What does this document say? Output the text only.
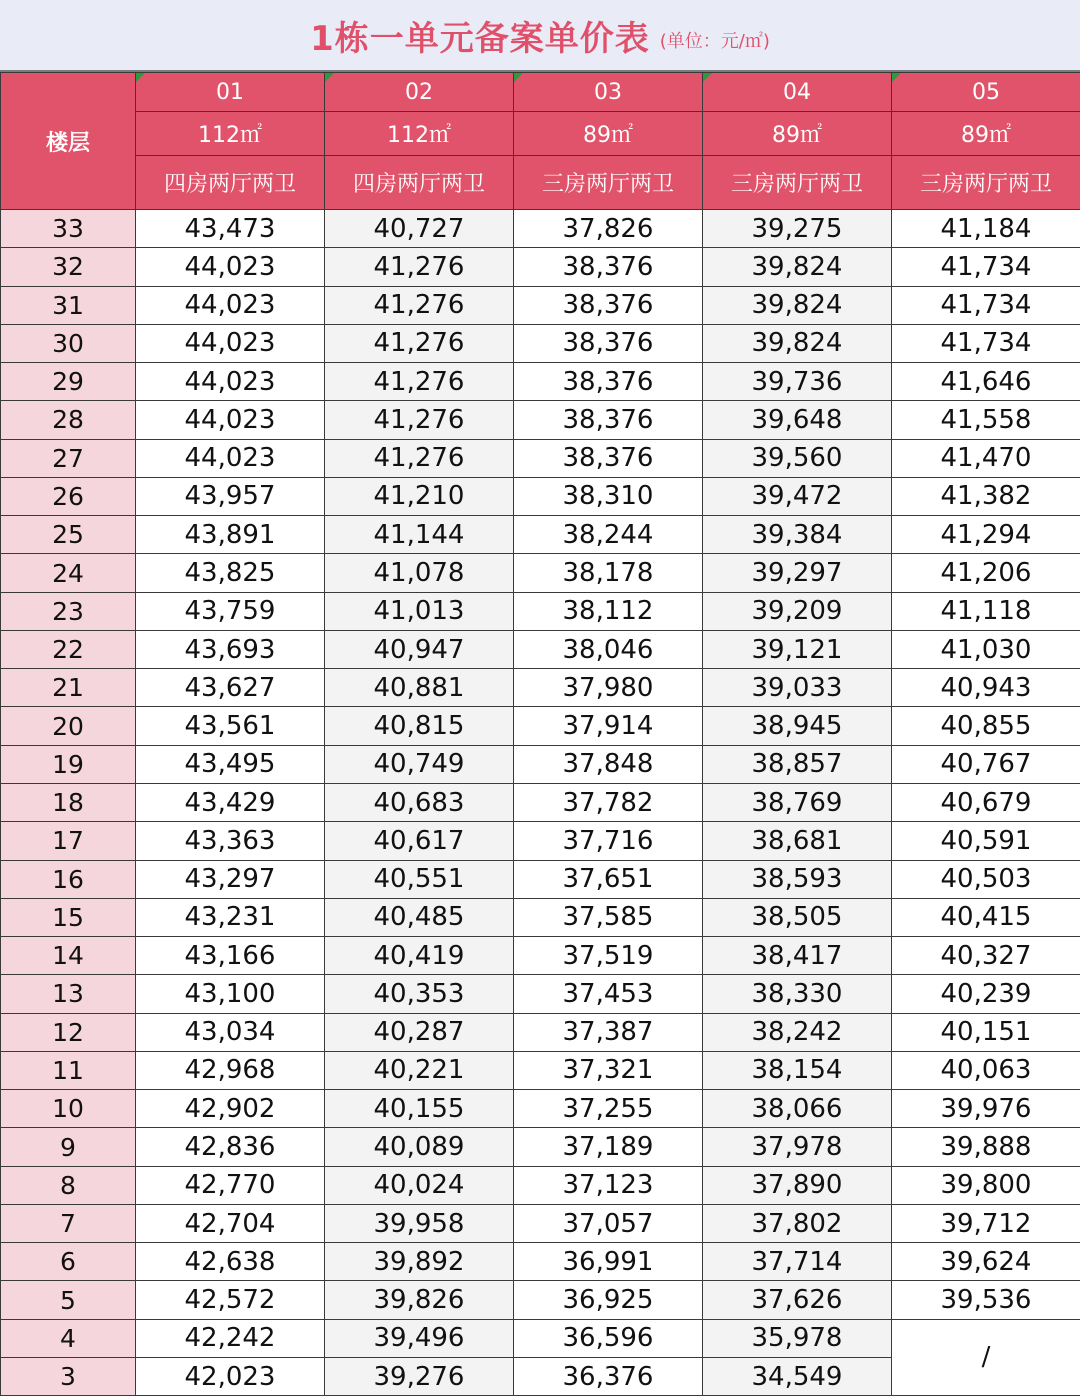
1栋一单元备案单价表 (单位：元/㎡)
楼层	01	02	03	04	05
	112㎡	112㎡	89㎡	89㎡	89㎡
	四房两厅两卫	四房两厅两卫	三房两厅两卫	三房两厅两卫	三房两厅两卫
33	43,473	40,727	37,826	39,275	41,184
32	44,023	41,276	38,376	39,824	41,734
31	44,023	41,276	38,376	39,824	41,734
30	44,023	41,276	38,376	39,824	41,734
29	44,023	41,276	38,376	39,736	41,646
28	44,023	41,276	38,376	39,648	41,558
27	44,023	41,276	38,376	39,560	41,470
26	43,957	41,210	38,310	39,472	41,382
25	43,891	41,144	38,244	39,384	41,294
24	43,825	41,078	38,178	39,297	41,206
23	43,759	41,013	38,112	39,209	41,118
22	43,693	40,947	38,046	39,121	41,030
21	43,627	40,881	37,980	39,033	40,943
20	43,561	40,815	37,914	38,945	40,855
19	43,495	40,749	37,848	38,857	40,767
18	43,429	40,683	37,782	38,769	40,679
17	43,363	40,617	37,716	38,681	40,591
16	43,297	40,551	37,651	38,593	40,503
15	43,231	40,485	37,585	38,505	40,415
14	43,166	40,419	37,519	38,417	40,327
13	43,100	40,353	37,453	38,330	40,239
12	43,034	40,287	37,387	38,242	40,151
11	42,968	40,221	37,321	38,154	40,063
10	42,902	40,155	37,255	38,066	39,976
9	42,836	40,089	37,189	37,978	39,888
8	42,770	40,024	37,123	37,890	39,800
7	42,704	39,958	37,057	37,802	39,712
6	42,638	39,892	36,991	37,714	39,624
5	42,572	39,826	36,925	37,626	39,536
4	42,242	39,496	36,596	35,978	/
3	42,023	39,276	36,376	34,549	
